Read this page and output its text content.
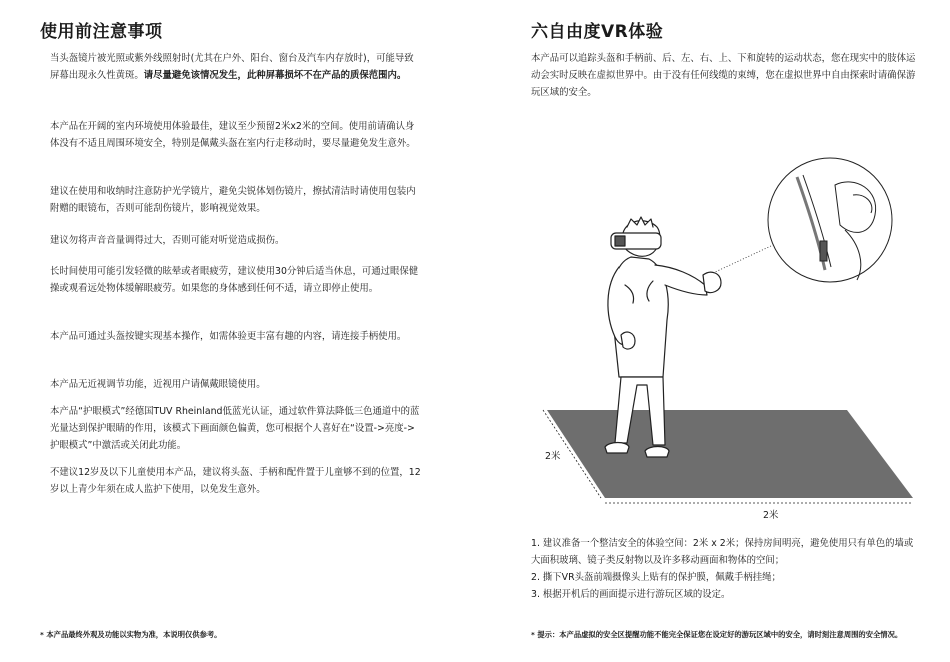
使用前注意事项

当头盔镜片被光照或紫外线照射时(尤其在户外、阳台、窗台及汽车内存放时)，可能导致屏幕出现永久性黄斑。请尽量避免该情况发生，此种屏幕损坏不在产品的质保范围内。

本产品在开阔的室内环境使用体验最佳，建议至少预留2米x2米的空间。使用前请确认身体没有不适且周围环境安全，特别是佩戴头盔在室内行走移动时，要尽量避免发生意外。

建议在使用和收纳时注意防护光学镜片，避免尖锐体划伤镜片，擦拭清洁时请使用包装内附赠的眼镜布，否则可能刮伤镜片，影响视觉效果。

建议勿将声音音量调得过大，否则可能对听觉造成损伤。

长时间使用可能引发轻微的眩晕或者眼疲劳，建议使用30分钟后适当休息，可通过眼保健操或观看远处物体缓解眼疲劳。如果您的身体感到任何不适，请立即停止使用。

本产品可通过头盔按键实现基本操作，如需体验更丰富有趣的内容，请连接手柄使用。

本产品无近视调节功能，近视用户请佩戴眼镜使用。

本产品“护眼模式”经德国TUV Rheinland低蓝光认证，通过软件算法降低三色通道中的蓝光量达到保护眼睛的作用，该模式下画面颜色偏黄，您可根据个人喜好在“设置->亮度->护眼模式”中激活或关闭此功能。

不建议12岁及以下儿童使用本产品，建议将头盔、手柄和配件置于儿童够不到的位置，12岁以上青少年须在成人监护下使用，以免发生意外。

* 本产品最终外观及功能以实物为准，本说明仅供参考。
六自由度VR体验

本产品可以追踪头盔和手柄前、后、左、右、上、下和旋转的运动状态，您在现实中的肢体运动会实时反映在虚拟世界中。由于没有任何线缆的束缚，您在虚拟世界中自由探索时请确保游玩区域的安全。

2米
2米
1. 建议准备一个整洁安全的体验空间：2米 x 2米；保持房间明亮，避免使用只有单色的墙或大面积玻璃、镜子类反射物以及许多移动画面和物体的空间；
2. 撕下VR头盔前端摄像头上贴有的保护膜，佩戴手柄挂绳；
3. 根据开机后的画面提示进行游玩区域的设定。
* 提示：本产品虚拟的安全区提醒功能不能完全保证您在设定好的游玩区域中的安全，请时刻注意周围的安全情况。
